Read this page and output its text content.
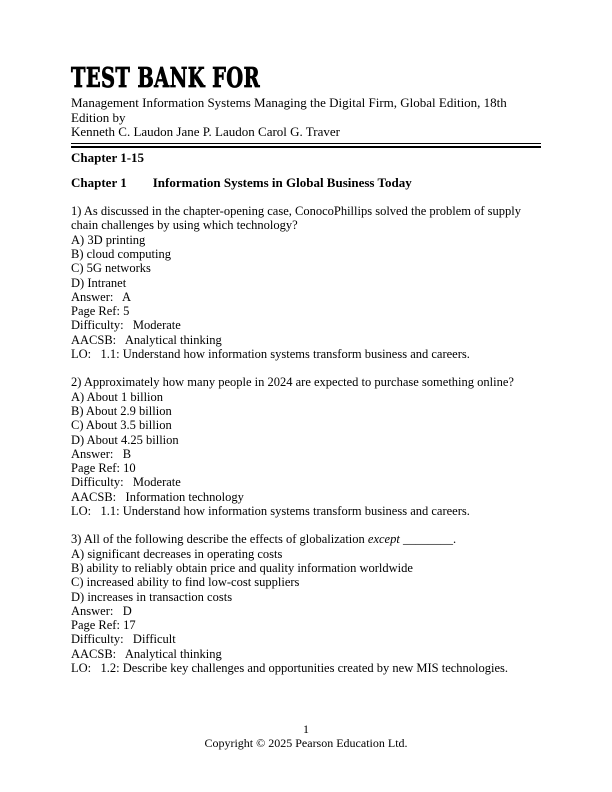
TEST BANK FOR
Management Information Systems Managing the Digital Firm, Global Edition, 18th Edition by
Kenneth C. Laudon Jane P. Laudon Carol G. Traver
Chapter 1-15
Chapter 1 Information Systems in Global Business Today
1) As discussed in the chapter-opening case, ConocoPhillips solved the problem of supply chain challenges by using which technology?
A) 3D printing
B) cloud computing
C) 5G networks
D) Intranet
Answer:   A
Page Ref: 5
Difficulty:   Moderate
AACSB:   Analytical thinking
LO:   1.1: Understand how information systems transform business and careers.
2) Approximately how many people in 2024 are expected to purchase something online?
A) About 1 billion
B) About 2.9 billion
C) About 3.5 billion
D) About 4.25 billion
Answer:   B
Page Ref: 10
Difficulty:   Moderate
AACSB:   Information technology
LO:   1.1: Understand how information systems transform business and careers.
3) All of the following describe the effects of globalization except ________.
A) significant decreases in operating costs
B) ability to reliably obtain price and quality information worldwide
C) increased ability to find low-cost suppliers
D) increases in transaction costs
Answer:   D
Page Ref: 17
Difficulty:   Difficult
AACSB:   Analytical thinking
LO:   1.2: Describe key challenges and opportunities created by new MIS technologies.
1
Copyright © 2025 Pearson Education Ltd.
